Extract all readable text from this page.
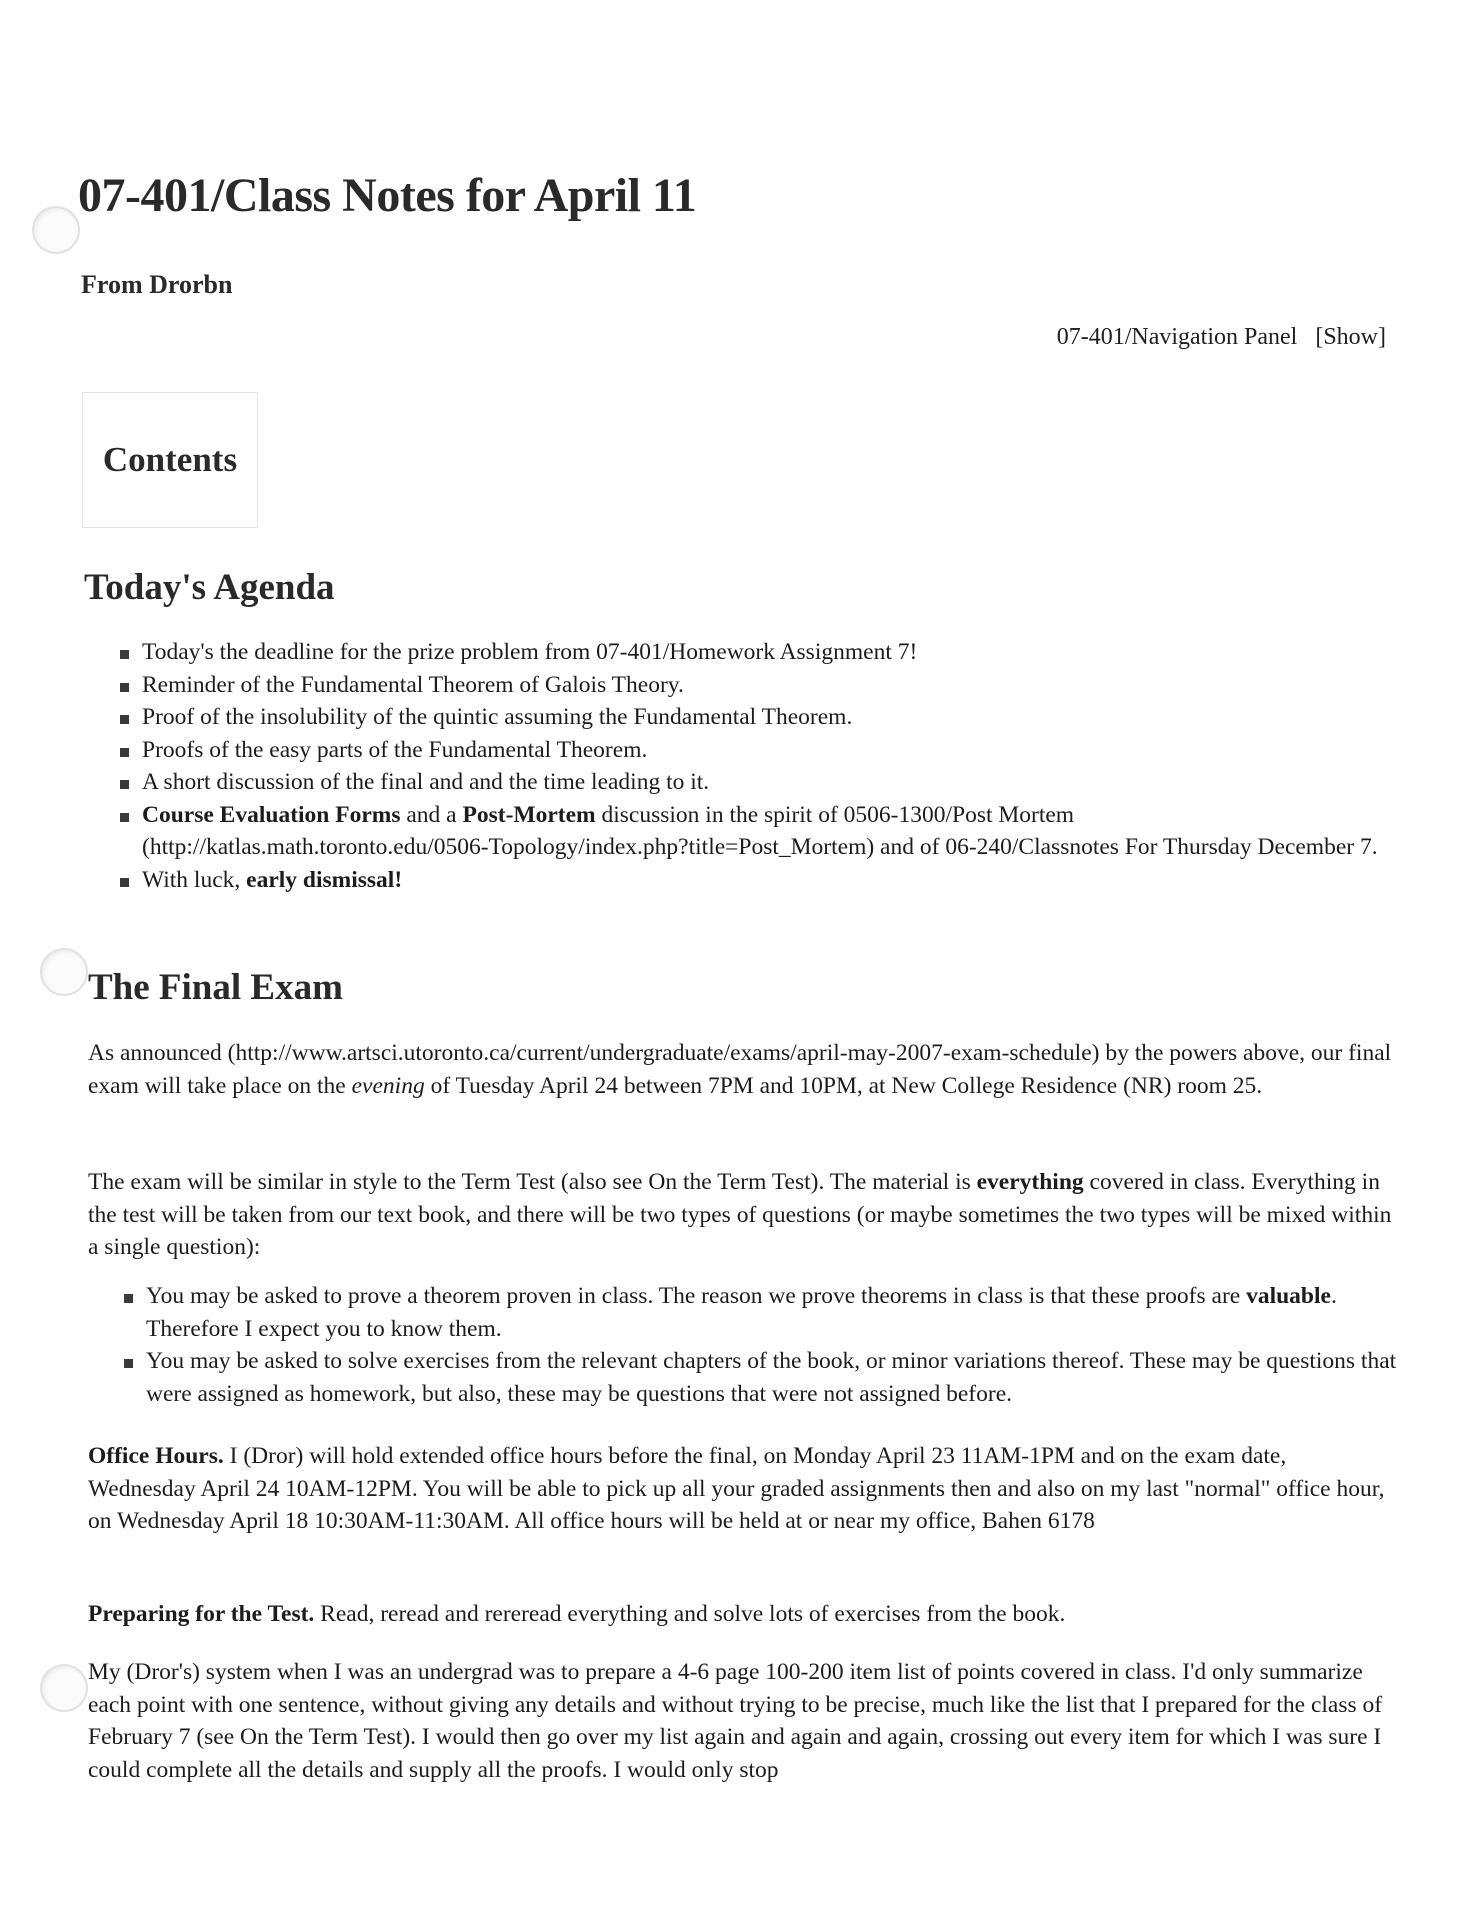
07-401/Class Notes for April 11
From Drorbn
07-401/Navigation Panel [Show]
Contents
Today's Agenda
Today's the deadline for the prize problem from 07-401/Homework Assignment 7!
Reminder of the Fundamental Theorem of Galois Theory.
Proof of the insolubility of the quintic assuming the Fundamental Theorem.
Proofs of the easy parts of the Fundamental Theorem.
A short discussion of the final and and the time leading to it.
Course Evaluation Forms and a Post-Mortem discussion in the spirit of 0506-1300/Post Mortem (http://katlas.math.toronto.edu/0506-Topology/index.php?title=Post_Mortem) and of 06-240/Classnotes For Thursday December 7.
With luck, early dismissal!
The Final Exam

As announced (http://www.artsci.utoronto.ca/current/undergraduate/exams/april-may-2007-exam-schedule) by the powers above, our final exam will take place on the evening of Tuesday April 24 between 7PM and 10PM, at New College Residence (NR) room 25.

The exam will be similar in style to the Term Test (also see On the Term Test). The material is everything covered in class. Everything in the test will be taken from our text book, and there will be two types of questions (or maybe sometimes the two types will be mixed within a single question):

You may be asked to prove a theorem proven in class. The reason we prove theorems in class is that these proofs are valuable. Therefore I expect you to know them.
You may be asked to solve exercises from the relevant chapters of the book, or minor variations thereof. These may be questions that were assigned as homework, but also, these may be questions that were not assigned before.

Office Hours. I (Dror) will hold extended office hours before the final, on Monday April 23 11AM-1PM and on the exam date, Wednesday April 24 10AM-12PM. You will be able to pick up all your graded assignments then and also on my last "normal" office hour, on Wednesday April 18 10:30AM-11:30AM. All office hours will be held at or near my office, Bahen 6178

Preparing for the Test. Read, reread and rereread everything and solve lots of exercises from the book.

My (Dror's) system when I was an undergrad was to prepare a 4-6 page 100-200 item list of points covered in class. I'd only summarize each point with one sentence, without giving any details and without trying to be precise, much like the list that I prepared for the class of February 7 (see On the Term Test). I would then go over my list again and again and again, crossing out every item for which I was sure I could complete all the details and supply all the proofs. I would only stop
